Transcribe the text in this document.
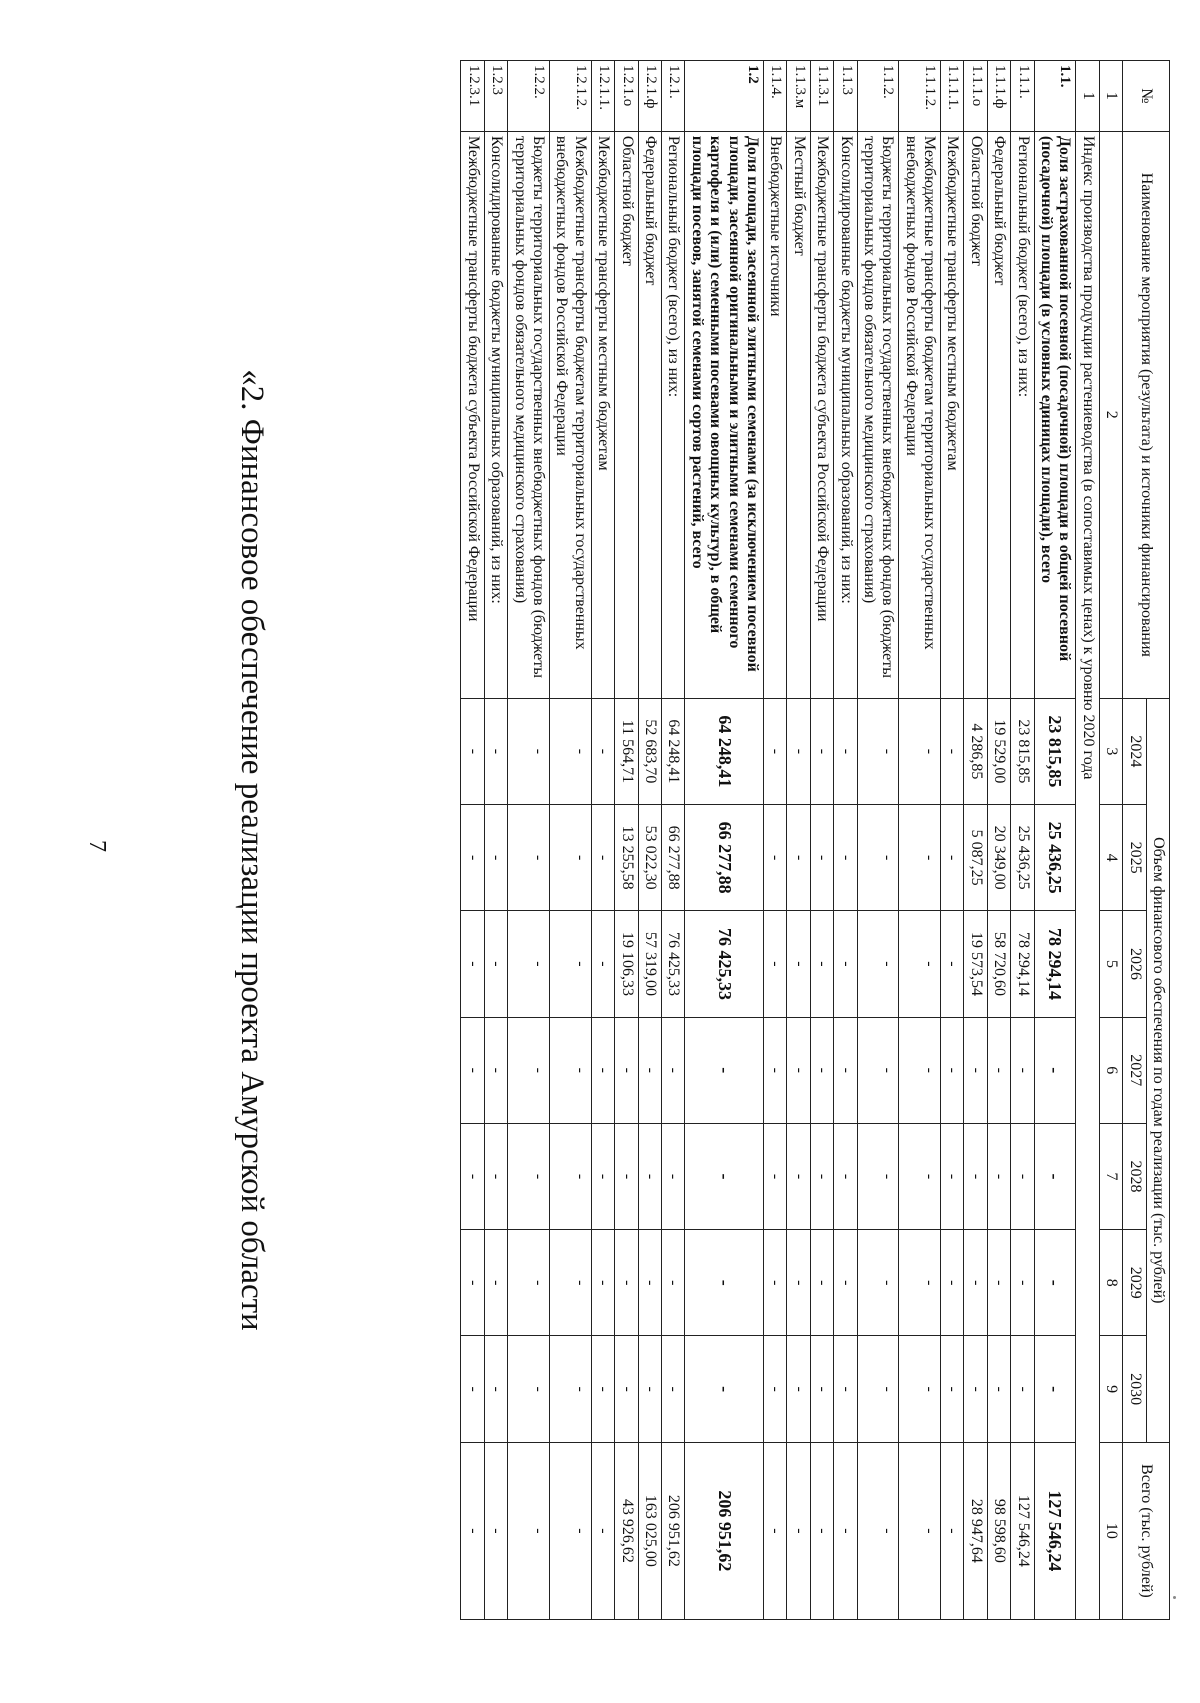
№	Наименование мероприятия (результата) и источники финансирования	Объем финансового обеспечения по годам реализации (тыс. рублей)							Всего (тыс. рублей)
		2024	2025	2026	2027	2028	2029	2030	
1	2	3	4	5	6	7	8	9	10
1	Индекс производства продукции растениеводства (в сопоставимых ценах) к уровню 2020 года								
1.1.	Доля застрахованной посевной (посадочной) площади в общей посевной (посадочной) площади (в условных единицах площади), всего	23 815,85	25 436,25	78 294,14	-	-	-	-	127 546,24
1.1.1.	Региональный бюджет (всего), из них:	23 815,85	25 436,25	78 294,14	-	-	-	-	127 546,24
1.1.1.ф	Федеральный бюджет	19 529,00	20 349,00	58 720,60	-	-	-	-	98 598,60
1.1.1.о	Областной бюджет	4 286,85	5 087,25	19 573,54	-	-	-	-	28 947,64
1.1.1.1.	Межбюджетные трансферты местным бюджетам	-	-	-	-	-	-	-	-
1.1.1.2.	Межбюджетные трансферты бюджетам территориальных государственных внебюджетных фондов Российской Федерации	-	-	-	-	-	-	-	-
1.1.2.	Бюджеты территориальных государственных внебюджетных фондов (бюджеты территориальных фондов обязательного медицинского страхования)	-	-	-	-	-	-	-	-
1.1.3	Консолидированные бюджеты муниципальных образований, из них:	-	-	-	-	-	-	-	-
1.1.3.1	Межбюджетные трансферты бюджета субъекта Российской Федерации	-	-	-	-	-	-	-	-
1.1.3.м	Местный бюджет	-	-	-	-	-	-	-	-
1.1.4.	Внебюджетные источники	-	-	-	-	-	-	-	-
1.2	Доля площади, засеянной элитными семенами (за исключением посевной площади, засеянной оригинальными и элитными семенами семенного картофеля и (или) семенными посевами овощных культур), в общей площади посевов, занятой семенами сортов растений, всего	64 248,41	66 277,88	76 425,33	-	-	-	-	206 951,62
1.2.1.	Региональный бюджет (всего), из них:	64 248,41	66 277,88	76 425,33	-	-	-	-	206 951,62
1.2.1.ф	Федеральный бюджет	52 683,70	53 022,30	57 319,00	-	-	-	-	163 025,00
1.2.1.о	Областной бюджет	11 564,71	13 255,58	19 106,33	-	-	-	-	43 926,62
1.2.1.1.	Межбюджетные трансферты местным бюджетам	-	-	-	-	-	-	-	-
1.2.1.2.	Межбюджетные трансферты бюджетам территориальных государственных внебюджетных фондов Российской Федерации	-	-	-	-	-	-	-	-
1.2.2.	Бюджеты территориальных государственных внебюджетных фондов (бюджеты территориальных фондов обязательного медицинского страхования)	-	-	-	-	-	-	-	-
1.2.3	Консолидированные бюджеты муниципальных образований, из них:	-	-	-	-	-	-	-	-
1.2.3.1	Межбюджетные трансферты бюджета субъекта Российской Федерации	-	-	-	-	-	-	-	-
«2. Финансовое обеспечение реализации проекта Амурской области
7
